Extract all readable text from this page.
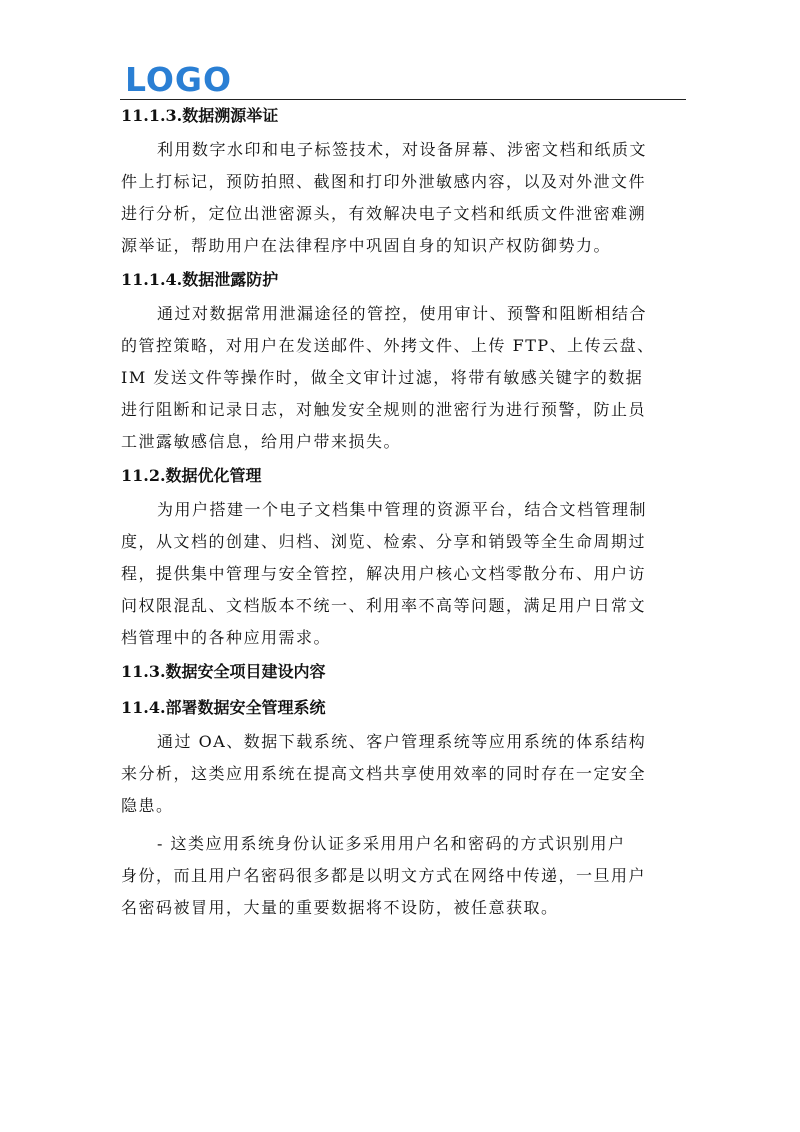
LOGO
11.1.3.数据溯源举证
利用数字水印和电子标签技术，对设备屏幕、涉密文档和纸质文
件上打标记，预防拍照、截图和打印外泄敏感内容，以及对外泄文件
进行分析，定位出泄密源头，有效解决电子文档和纸质文件泄密难溯
源举证，帮助用户在法律程序中巩固自身的知识产权防御势力。
11.1.4.数据泄露防护
通过对数据常用泄漏途径的管控，使用审计、预警和阻断相结合
的管控策略，对用户在发送邮件、外拷文件、上传 FTP、上传云盘、
IM 发送文件等操作时，做全文审计过滤，将带有敏感关键字的数据
进行阻断和记录日志，对触发安全规则的泄密行为进行预警，防止员
工泄露敏感信息，给用户带来损失。
11.2.数据优化管理
为用户搭建一个电子文档集中管理的资源平台，结合文档管理制
度，从文档的创建、归档、浏览、检索、分享和销毁等全生命周期过
程，提供集中管理与安全管控，解决用户核心文档零散分布、用户访
问权限混乱、文档版本不统一、利用率不高等问题，满足用户日常文
档管理中的各种应用需求。
11.3.数据安全项目建设内容
11.4.部署数据安全管理系统
通过 OA、数据下载系统、客户管理系统等应用系统的体系结构
来分析，这类应用系统在提高文档共享使用效率的同时存在一定安全
隐患。
- 这类应用系统身份认证多采用用户名和密码的方式识别用户
身份，而且用户名密码很多都是以明文方式在网络中传递，一旦用户
名密码被冒用，大量的重要数据将不设防，被任意获取。
